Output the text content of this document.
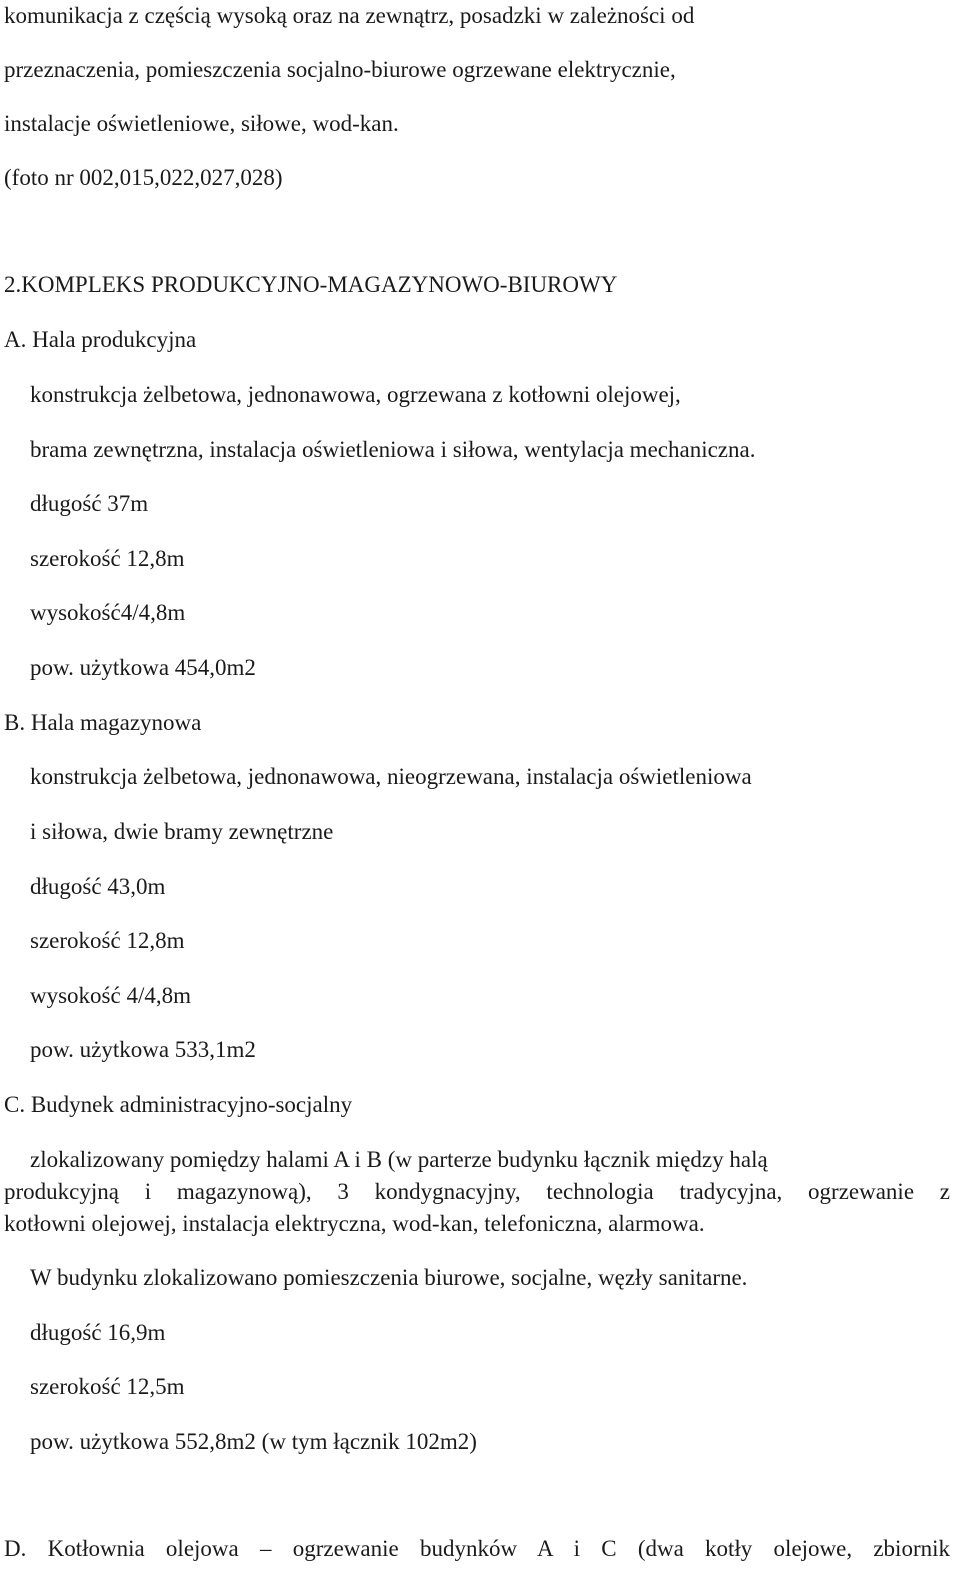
komunikacja z częścią wysoką oraz na zewnątrz, posadzki w zależności od
przeznaczenia, pomieszczenia socjalno-biurowe ogrzewane elektrycznie,
instalacje oświetleniowe, siłowe, wod-kan.
(foto nr 002,015,022,027,028)
2.KOMPLEKS PRODUKCYJNO-MAGAZYNOWO-BIUROWY
A. Hala produkcyjna
konstrukcja żelbetowa, jednonawowa, ogrzewana z kotłowni olejowej,
brama zewnętrzna, instalacja oświetleniowa i siłowa, wentylacja mechaniczna.
długość 37m
szerokość 12,8m
wysokość4/4,8m
pow. użytkowa 454,0m2
B. Hala magazynowa
konstrukcja żelbetowa, jednonawowa, nieogrzewana, instalacja oświetleniowa
i siłowa, dwie bramy zewnętrzne
długość 43,0m
szerokość 12,8m
wysokość 4/4,8m
pow. użytkowa 533,1m2
C. Budynek administracyjno-socjalny
zlokalizowany pomiędzy halami A i B (w parterze budynku łącznik między halą
produkcyjną i magazynową), 3 kondygnacyjny, technologia tradycyjna, ogrzewanie z
kotłowni olejowej, instalacja elektryczna, wod-kan, telefoniczna, alarmowa.
W budynku zlokalizowano pomieszczenia biurowe, socjalne, węzły sanitarne.
długość 16,9m
szerokość 12,5m
pow. użytkowa 552,8m2 (w tym łącznik 102m2)
D. Kotłownia olejowa – ogrzewanie budynków A i C (dwa kotły olejowe, zbiornik
